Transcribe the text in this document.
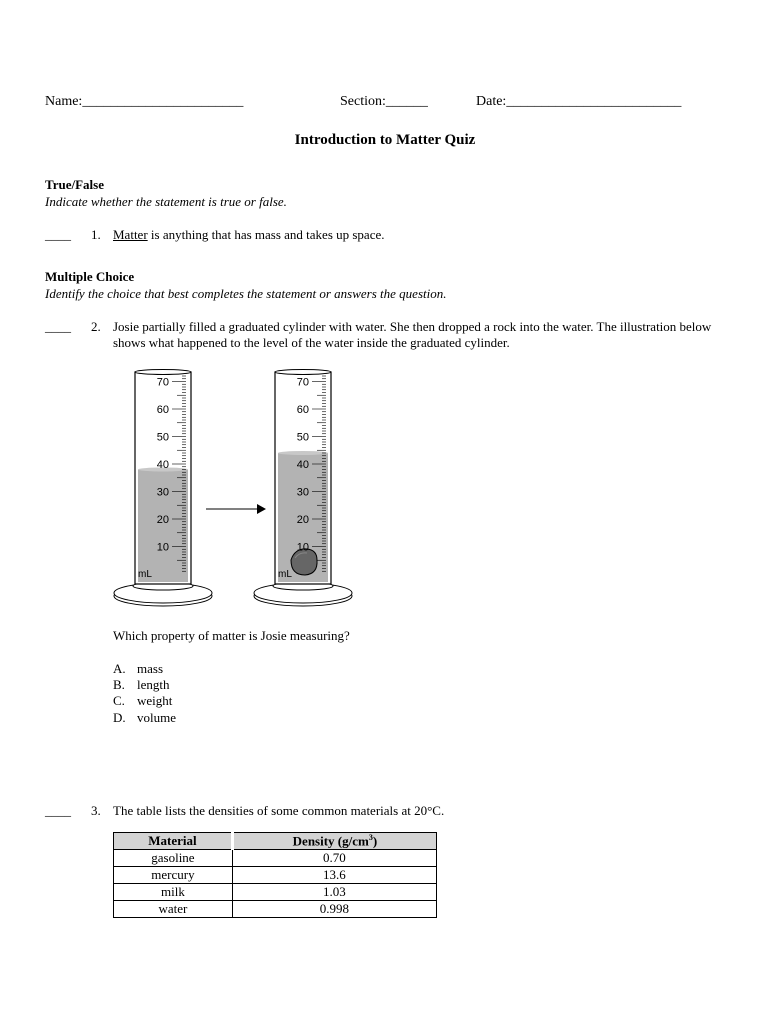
Name:_______________________	Section:______	Date:_________________________
Introduction to Matter Quiz
True/False
Indicate whether the statement is true or false.
____ 1. Matter is anything that has mass and takes up space.
Multiple Choice
Identify the choice that best completes the statement or answers the question.
____ 2. Josie partially filled a graduated cylinder with water. She then dropped a rock into the water. The illustration below shows what happened to the level of the water inside the graduated cylinder.
70
60
50
40
30
20
10
mL
70
60
50
40
30
20
10
mL
Which property of matter is Josie measuring?
A. mass
B. length
C. weight
D. volume
____ 3. The table lists the densities of some common materials at 20°C.
Material	Density $(g/cm^3)$
gasoline	0.70
mercury	13.6
milk	1.03
water	0.998
